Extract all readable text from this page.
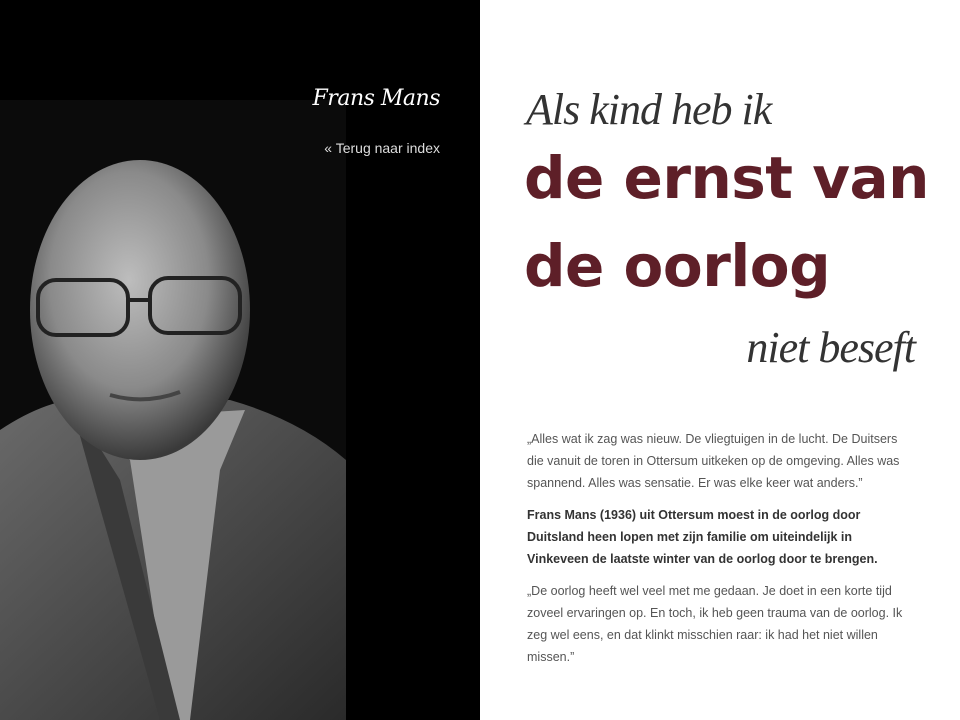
Frans Mans
« Terug naar index
Als kind heb ik
de ernst van
de oorlog
niet beseft

„Alles wat ik zag was nieuw. De vliegtuigen in de lucht. De Duitsers die vanuit de toren in Ottersum uitkeken op de omgeving. Alles was spannend. Alles was sensatie. Er was elke keer wat anders.”

Frans Mans (1936) uit Ottersum moest in de oorlog door Duitsland heen lopen met zijn familie om uiteindelijk in Vinkeveen de laatste winter van de oorlog door te brengen.

„De oorlog heeft wel veel met me gedaan. Je doet in een korte tijd zoveel ervaringen op. En toch, ik heb geen trauma van de oorlog. Ik zeg wel eens, en dat klinkt misschien raar: ik had het niet willen missen.”
